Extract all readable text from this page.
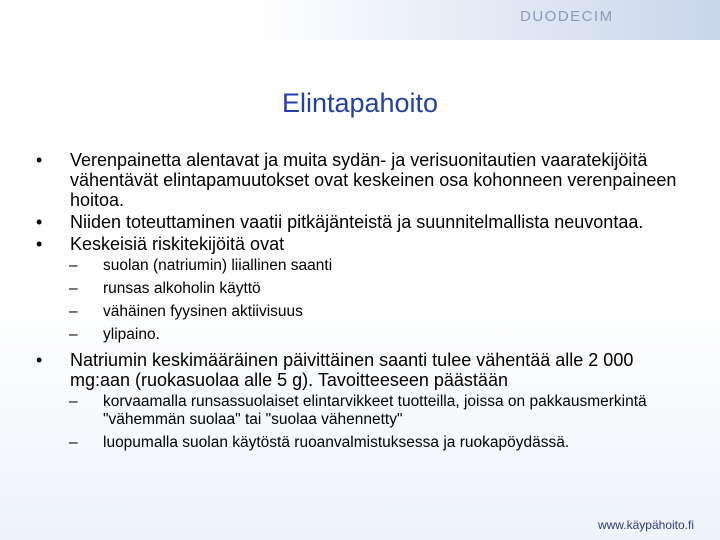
DUODECIM
Elintapahoito
•	Verenpainetta alentavat ja muita sydän- ja verisuonitautien vaaratekijöitä vähentävät elintapamuutokset ovat keskeinen osa kohonneen verenpaineen hoitoa.
•	Niiden toteuttaminen vaatii pitkäjänteistä ja suunnitelmallista neuvontaa.
•	Keskeisiä riskitekijöitä ovat
– suolan (natriumin) liiallinen saanti
– runsas alkoholin käyttö
– vähäinen fyysinen aktiivisuus
– ylipaino.
•	Natriumin keskimääräinen päivittäinen saanti tulee vähentää alle 2 000 mg:aan (ruokasuolaa alle 5 g). Tavoitteeseen päästään
– korvaamalla runsassuolaiset elintarvikkeet tuotteilla, joissa on pakkausmerkintä "vähemmän suolaa" tai "suolaa vähennetty"
– luopumalla suolan käytöstä ruoanvalmistuksessa ja ruokapöydässä.
www.käypähoito.fi
